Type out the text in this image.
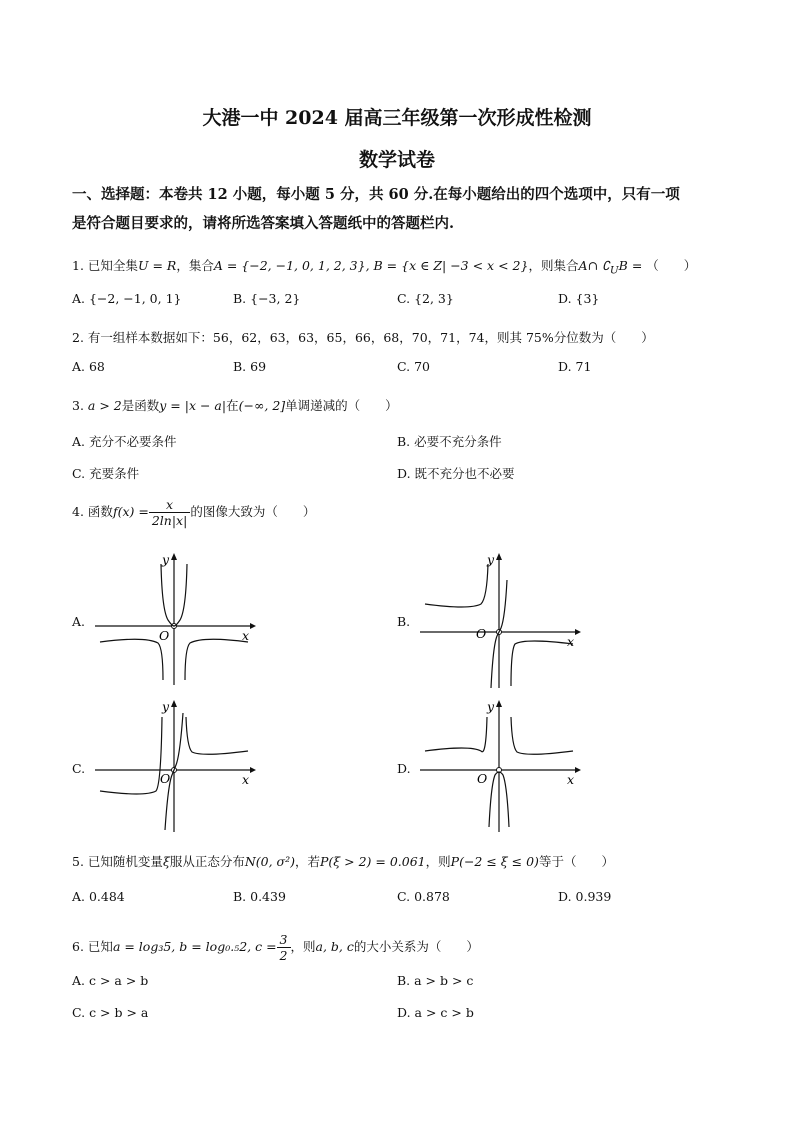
大港一中 2024 届高三年级第一次形成性检测
数学试卷
一、选择题：本卷共 12 小题，每小题 5 分，共 60 分.在每小题给出的四个选项中，只有一项
是符合题目要求的，请将所选答案填入答题纸中的答题栏内.
1. 已知全集U = R，集合A = {−2, −1, 0, 1, 2, 3}, B = {x ∈ Z| −3 < x < 2}，则集合A∩ $∁_UB$ = （　　）
A. {−2, −1, 0, 1}	B. {−3, 2}	C. {2, 3}	D. {3}
2. 有一组样本数据如下：56，62，63，63，65，66，68，70，71，74，则其 75%分位数为（　　）
A. 68	B. 69	C. 70	D. 71
3. a > 2是函数y = |x − a|在(−∞, 2]单调递减的（　　）
A. 充分不必要条件	B. 必要不充分条件
C. 充要条件	D. 既不充分也不必要
4. 函数$f(x) = \frac{x}{2\ln|x|}$ 的图像大致为（　　）
A.	B.
C.	D.
y
x
O
y
x
O
y
x
O
y
x
O
5. 已知随机变量ξ服从正态分布N(0, σ²)，若P(ξ > 2) = 0.061，则P(−2 ≤ ξ ≤ 0)等于（　　）
A. 0.484	B. 0.439	C. 0.878	D. 0.939
6. 已知a = log₃5, b = log₀.₅2, $c = \frac{3}{2}$ ，则a, b, c的大小关系为（　　）
A. c > a > b	B. a > b > c
C. c > b > a	D. a > c > b
